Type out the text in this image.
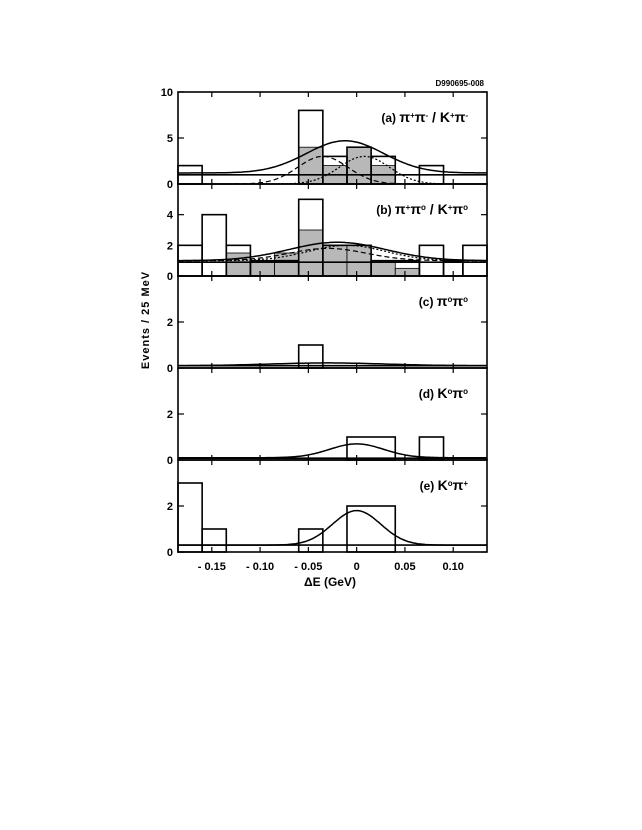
D990695-008
Events / 25 MeV
- 0.15 - 0.10 - 0.05	0	0.05 0.10
ΔE (GeV)
0
5
10
(a) π+π- / K+π-
0
2
4	(b) $\pi^+\pi^o / K^+\pi^o$
0
2
(c) $\pi^o\pi^o$
0
2
(d) $K^o\pi^o$
0
2
(e) $K^o\pi^+$
